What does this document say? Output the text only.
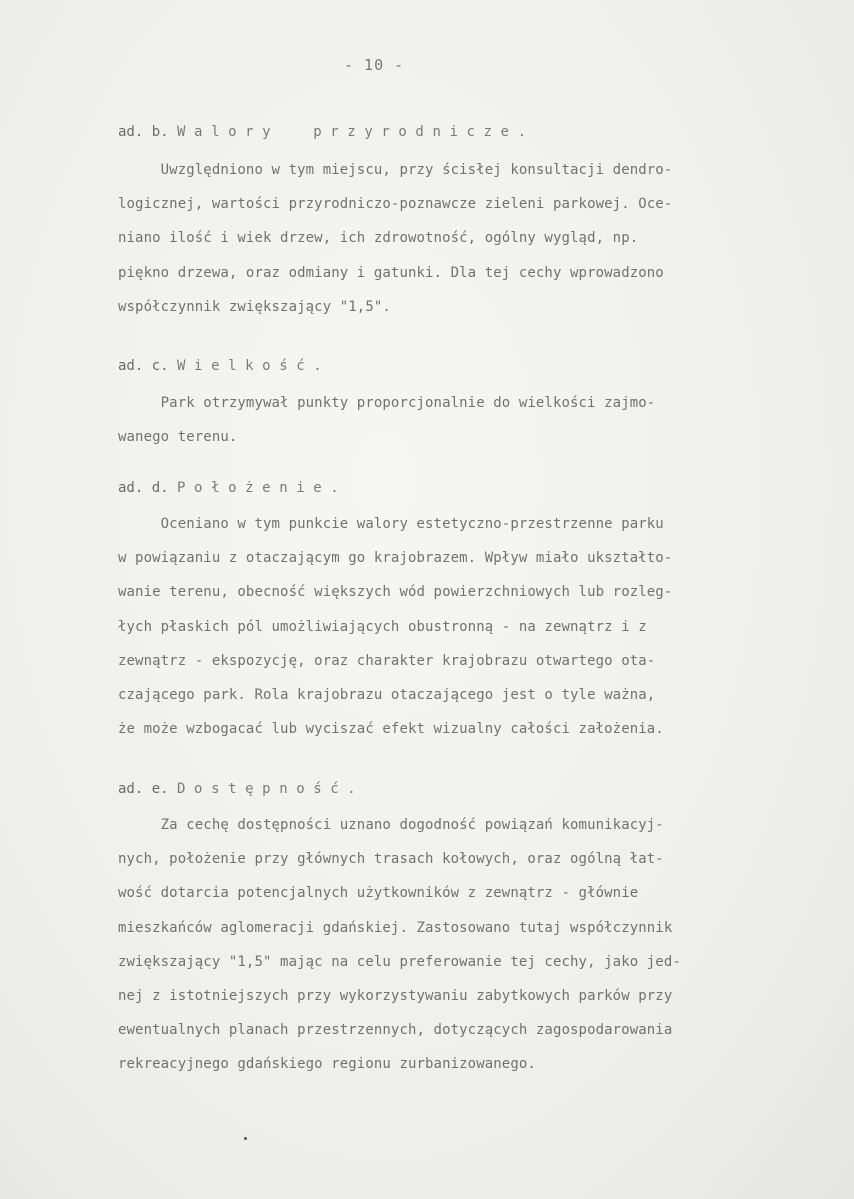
- 10 -
ad. b. Walory  przyrodnicze.
Uwzględniono w tym miejscu, przy ścisłej konsultacji dendro-
logicznej, wartości przyrodniczo-poznawcze zieleni parkowej. Oce-
niano ilość i wiek drzew, ich zdrowotność, ogólny wygląd, np.
piękno drzewa, oraz odmiany i gatunki. Dla tej cechy wprowadzono
współczynnik zwiększający "1,5".
ad. c. Wielkość.
Park otrzymywał punkty proporcjonalnie do wielkości zajmo-
wanego terenu.
ad. d. Położenie.
Oceniano w tym punkcie walory estetyczno-przestrzenne parku
w powiązaniu z otaczającym go krajobrazem. Wpływ miało ukształto-
wanie terenu, obecność większych wód powierzchniowych lub rozleg-
łych płaskich pól umożliwiających obustronną - na zewnątrz i z
zewnątrz - ekspozycję, oraz charakter krajobrazu otwartego ota-
czającego park. Rola krajobrazu otaczającego jest o tyle ważna,
że może wzbogacać lub wyciszać efekt wizualny całości założenia.
ad. e. Dostępność.
Za cechę dostępności uznano dogodność powiązań komunikacyj-
nych, położenie przy głównych trasach kołowych, oraz ogólną łat-
wość dotarcia potencjalnych użytkowników z zewnątrz - głównie
mieszkańców aglomeracji gdańskiej. Zastosowano tutaj współczynnik
zwiększający "1,5" mając na celu preferowanie tej cechy, jako jed-
nej z istotniejszych przy wykorzystywaniu zabytkowych parków przy
ewentualnych planach przestrzennych, dotyczących zagospodarowania
rekreacyjnego gdańskiego regionu zurbanizowanego.
